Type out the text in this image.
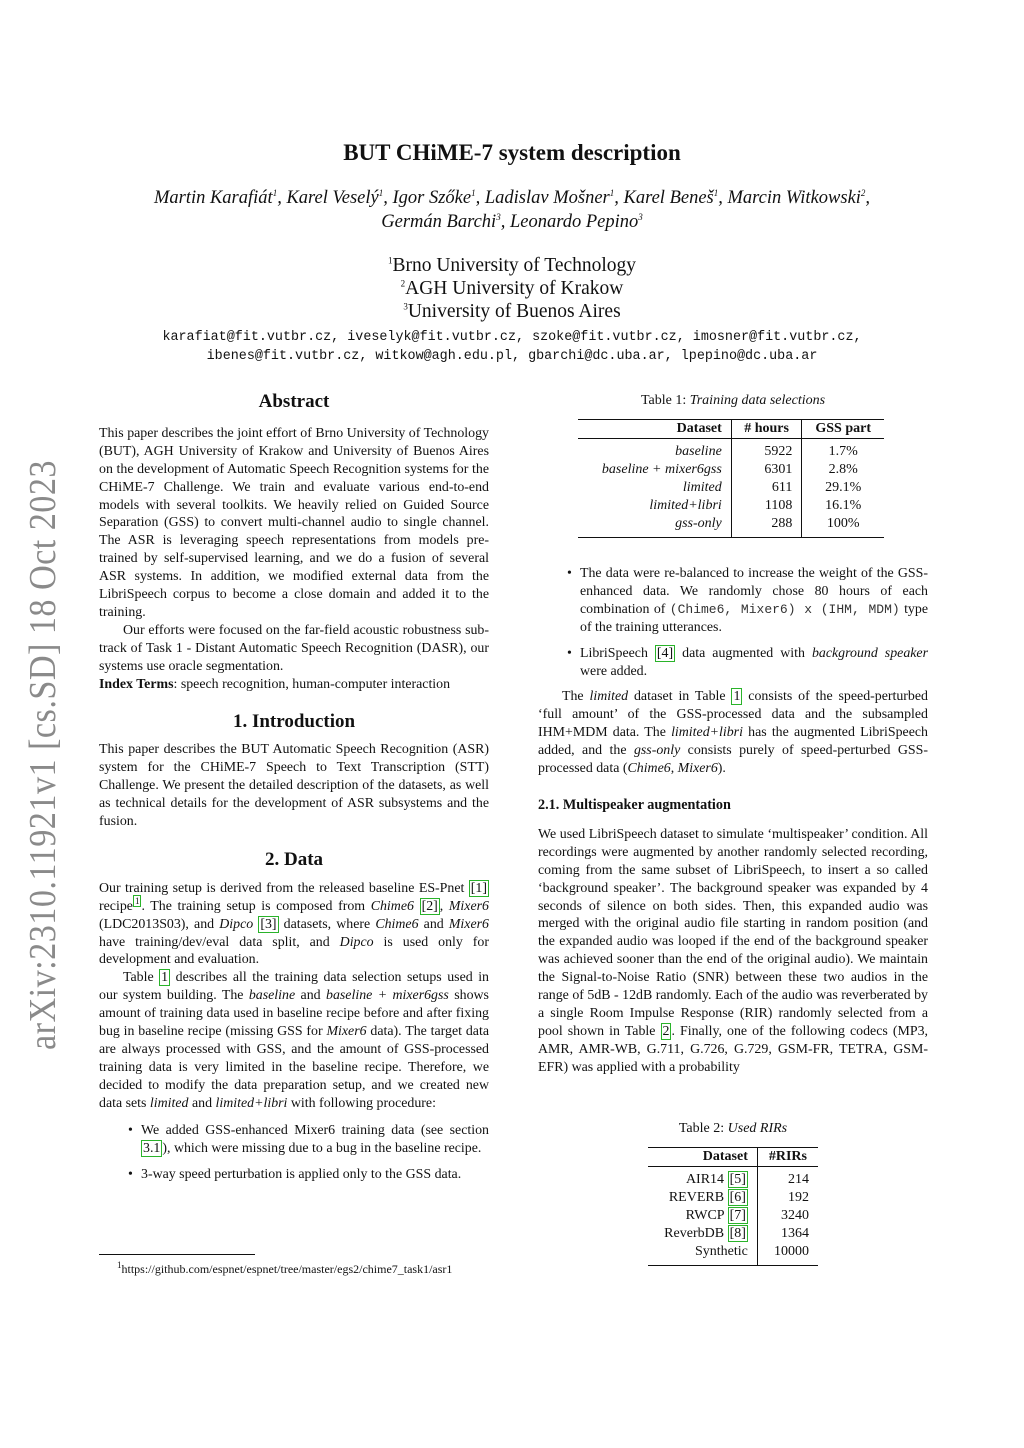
BUT CHiME-7 system description
Martin Karafiát$^1$, Karel Veselý$^1$, Igor Szőke$^1$, Ladislav Mošner$^1$, Karel Beneš$^1$, Marcin Witkowski$^2$,
Germán Barchi$^3$, Leonardo Pepino$^3$
$^1$Brno University of Technology
$^2$AGH University of Krakow
$^3$University of Buenos Aires
karafiat@fit.vutbr.cz, iveselyk@fit.vutbr.cz, szoke@fit.vutbr.cz, imosner@fit.vutbr.cz,
ibenes@fit.vutbr.cz, witkow@agh.edu.pl, gbarchi@dc.uba.ar, lpepino@dc.uba.ar
arXiv:2310.11921v1 [cs.SD] 18 Oct 2023	Abstract

This paper describes the joint effort of Brno University of Technology (BUT), AGH University of Krakow and University of Buenos Aires on the development of Automatic Speech Recognition systems for the CHiME-7 Challenge. We train and evaluate various end-to-end models with several toolkits. We heavily relied on Guided Source Separation (GSS) to convert multi-channel audio to single channel. The ASR is leveraging speech representations from models pre-trained by self-supervised learning, and we do a fusion of several ASR systems. In addition, we modified external data from the LibriSpeech corpus to become a close domain and added it to the training.

Our efforts were focused on the far-field acoustic robustness sub-track of Task 1 - Distant Automatic Speech Recognition (DASR), our systems use oracle segmentation.

Index Terms: speech recognition, human-computer interaction

1. Introduction

This paper describes the BUT Automatic Speech Recognition (ASR) system for the CHiME-7 Speech to Text Transcription (STT) Challenge. We present the detailed description of the datasets, as well as technical details for the development of ASR subsystems and the fusion.

2. Data

Our training setup is derived from the released baseline ES-Pnet [1] recipe $^1$ . The training setup is composed from Chime6 [2] , Mixer6 (LDC2013S03), and Dipco [3] datasets, where Chime6 and Mixer6 have training/dev/eval data split, and Dipco is used only for development and evaluation.

Table 1 describes all the training data selection setups used in our system building. The baseline and baseline + mixer6gss shows amount of training data used in baseline recipe before and after fixing bug in baseline recipe (missing GSS for Mixer6 data). The target data are always processed with GSS, and the amount of GSS-processed training data is very limited in the baseline recipe. Therefore, we decided to modify the data preparation setup, and we created new data sets limited and limited+libri with following procedure:

• We added GSS-enhanced Mixer6 training data (see section 3.1 ), which were missing due to a bug in the baseline recipe.
• 3-way speed perturbation is applied only to the GSS data.
$^1$https://github.com/espnet/espnet/tree/master/egs2/chime7_task1/asr1
Table 1: Training data selections
Dataset	# hours	GSS part
baseline	5922	1.7%
baseline + mixer6gss	6301	2.8%
limited	611	29.1%
limited+libri	1108	16.1%
gss-only	288	100%
• The data were re-balanced to increase the weight of the GSS-enhanced data. We randomly chose 80 hours of each combination of (Chime6, Mixer6) x (IHM, MDM) type of the training utterances.
• LibriSpeech [4] data augmented with background speaker were added.

The limited dataset in Table 1 consists of the speed-perturbed ‘full amount’ of the GSS-processed data and the subsampled IHM+MDM data. The limited+libri has the augmented LibriSpeech added, and the gss-only consists purely of speed-perturbed GSS-processed data (Chime6, Mixer6).

2.1. Multispeaker augmentation

We used LibriSpeech dataset to simulate ‘multispeaker’ condition. All recordings were augmented by another randomly selected recording, coming from the same subset of LibriSpeech, to insert a so called ‘background speaker’. The background speaker was expanded by 4 seconds of silence on both sides. Then, this expanded audio was merged with the original audio file starting in random position (and the expanded audio was looped if the end of the background speaker was achieved sooner than the end of the original audio). We maintain the Signal-to-Noise Ratio (SNR) between these two audios in the range of 5dB - 12dB randomly. Each of the audio was reverberated by a single Room Impulse Response (RIR) randomly selected from a pool shown in Table 2 . Finally, one of the following codecs (MP3, AMR, AMR-WB, G.711, G.726, G.729, GSM-FR, TETRA, GSM-EFR) was applied with a probability

Table 2: Used RIRs
Dataset	#RIRs
AIR14 [5]	214
REVERB [6]	192
RWCP [7]	3240
ReverbDB [8]	1364
Synthetic	10000
